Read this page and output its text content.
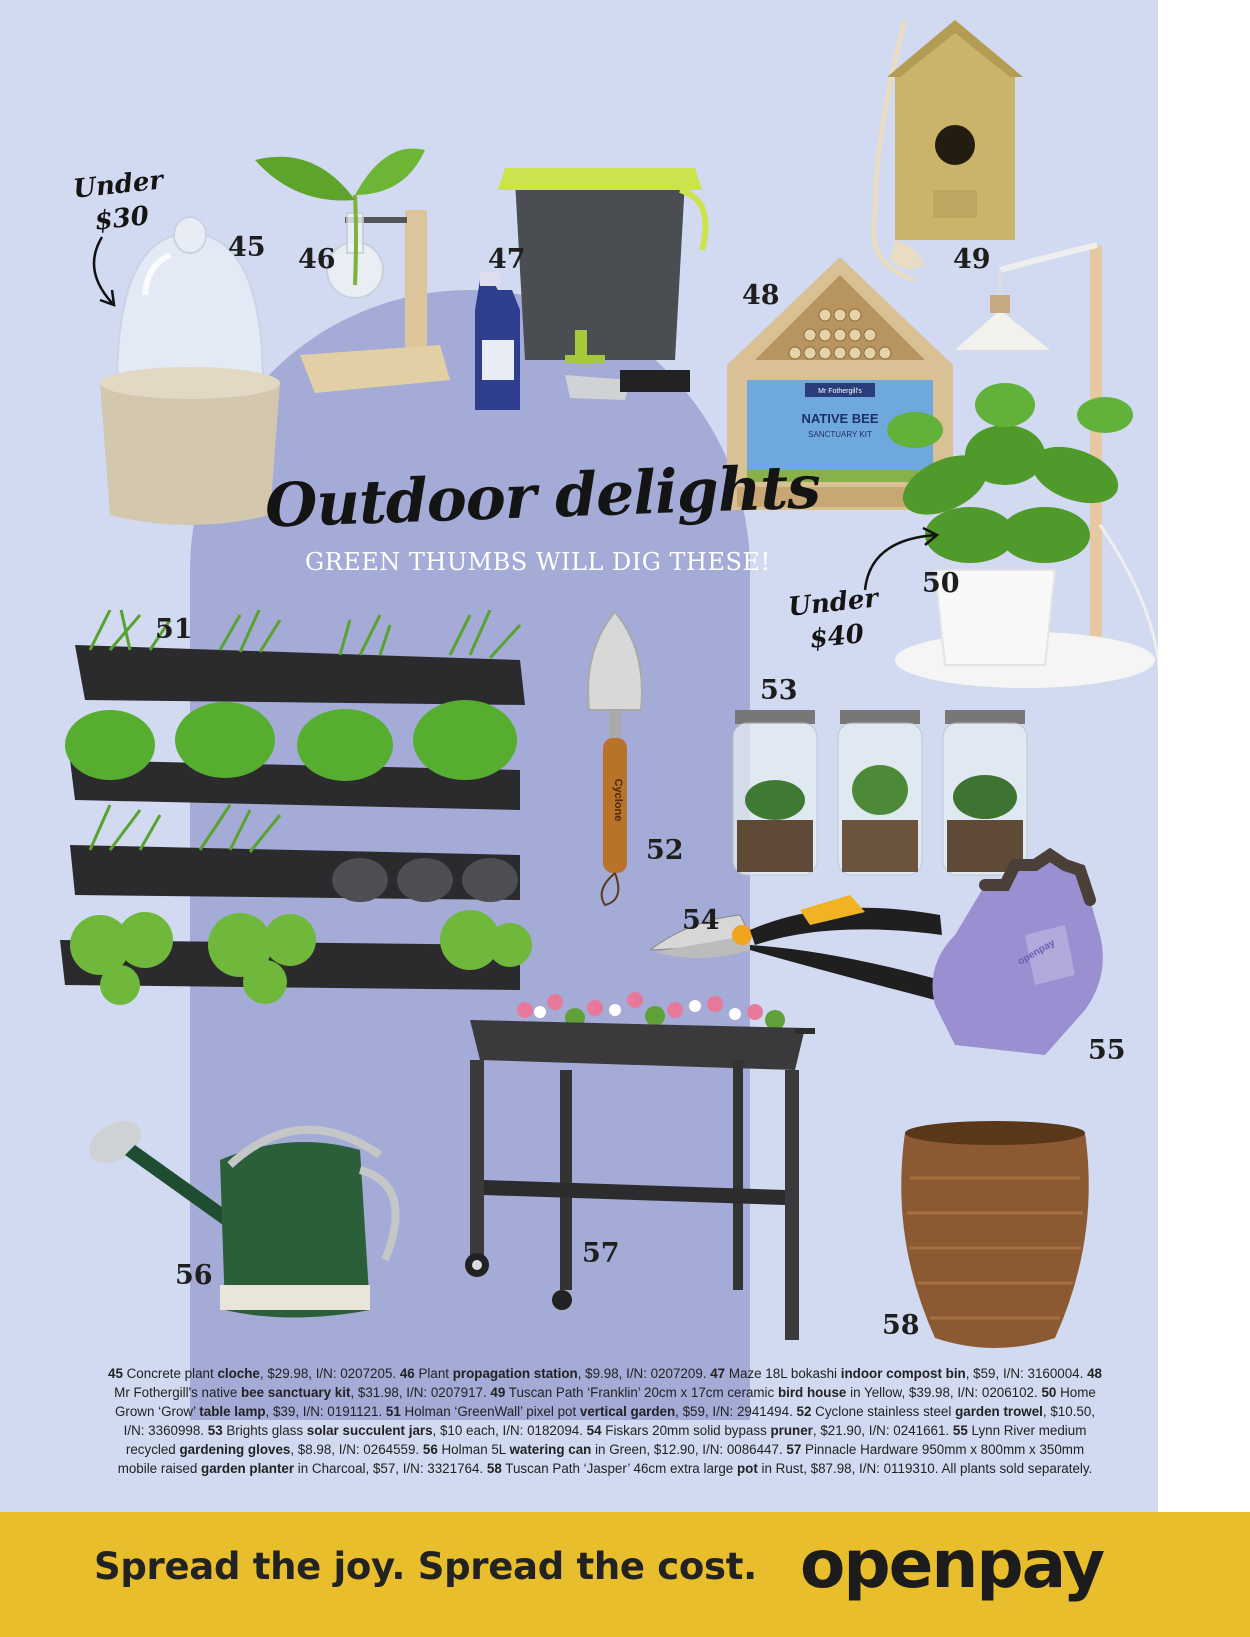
Mr Fothergill's
NATIVE BEE
SANCTUARY KIT
Cyclone
openpay
Under
$30
Under
$40
Outdoor delights
GREEN THUMBS WILL DIG THESE!
45 46	47
48
49
50
51
52
53
54
55
56
57
58
45 Concrete plant cloche, $29.98, I/N: 0207205. 46 Plant propagation station, $9.98, I/N: 0207209. 47 Maze 18L bokashi indoor compost bin, $59, I/N: 3160004. 48 Mr Fothergill's native bee sanctuary kit, $31.98, I/N: 0207917. 49 Tuscan Path ‘Franklin’ 20cm x 17cm ceramic bird house in Yellow, $39.98, I/N: 0206102. 50 Home Grown ‘Grow’ table lamp, $39, I/N: 0191121. 51 Holman ‘GreenWall’ pixel pot vertical garden, $59, I/N: 2941494. 52 Cyclone stainless steel garden trowel, $10.50, I/N: 3360998. 53 Brights glass solar succulent jars, $10 each, I/N: 0182094. 54 Fiskars 20mm solid bypass pruner, $21.90, I/N: 0241661. 55 Lynn River medium recycled gardening gloves, $8.98, I/N: 0264559. 56 Holman 5L watering can in Green, $12.90, I/N: 0086447. 57 Pinnacle Hardware 950mm x 800mm x 350mm mobile raised garden planter in Charcoal, $57, I/N: 3321764. 58 Tuscan Path ‘Jasper’ 46cm extra large pot in Rust, $87.98, I/N: 0119310. All plants sold separately.
Spread the joy. Spread the cost. openpay
